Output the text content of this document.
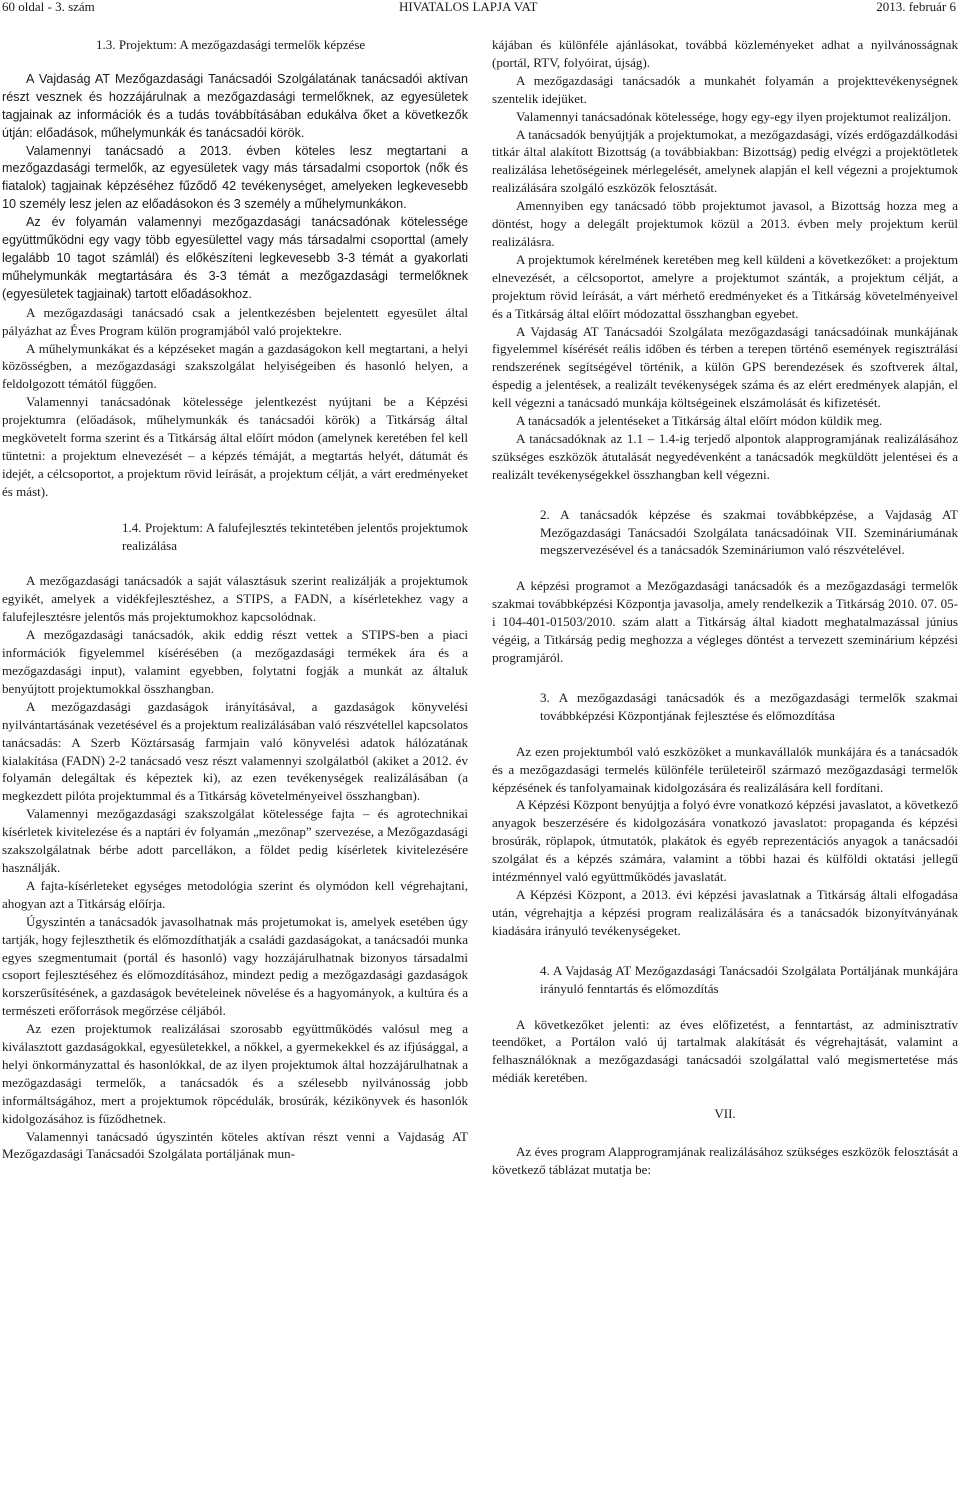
60 oldal - 3. szám	HIVATALOS LAPJA VAT	2013. február 6

1.3. Projektum: A mezőgazdasági termelők képzése

A Vajdaság AT Mezőgazdasági Tanácsadói Szolgálatának tanácsadói aktívan részt vesznek és hozzájárulnak a mezőgazdasági termelőknek, az egyesületek tagjainak az információk és a tudás továbbításában edukálva őket a következők útján: előadások, műhelymunkák és tanácsadói körök.

Valamennyi tanácsadó a 2013. évben köteles lesz megtartani a mezőgazdasági termelők, az egyesületek vagy más társadalmi csoportok (nők és fiatalok) tagjainak képzéséhez fűződő 42 tevékenységet, amelyeken legkevesebb 10 személy lesz jelen az előadásokon és 3 személy a műhelymunkákon.

Az év folyamán valamennyi mezőgazdasági tanácsadónak kötelessége együttműködni egy vagy több egyesülettel vagy más társadalmi csoporttal (amely legalább 10 tagot számlál) és előkészíteni legkevesebb 3-3 témát a gyakorlati műhelymunkák megtartására és 3-3 témát a mezőgazdasági termelőknek (egyesületek tagjainak) tartott előadásokhoz.

A mezőgazdasági tanácsadó csak a jelentkezésben bejelentett egyesület által pályázhat az Éves Program külön programjából való projektekre.

A műhelymunkákat és a képzéseket magán a gazdaságokon kell megtartani, a helyi közösségben, a mezőgazdasági szakszolgálat helyiségeiben és hasonló helyen, a feldolgozott témától függően.

Valamennyi tanácsadónak kötelessége jelentkezést nyújtani be a Képzési projektumra (előadások, műhelymunkák és tanácsadói körök) a Titkárság által megkövetelt forma szerint és a Titkárság által előírt módon (amelynek keretében fel kell tüntetni: a projektum elnevezését – a képzés témáját, a megtartás helyét, dátumát és idejét, a célcsoportot, a projektum rövid leírását, a projektum célját, a várt eredményeket és mást).

1.4. Projektum: A falufejlesztés tekintetében jelentős projektumok realizálása

A mezőgazdasági tanácsadók a saját választásuk szerint realizálják a projektumok egyikét, amelyek a vidékfejlesztéshez, a STIPS, a FADN, a kísérletekhez vagy a falufejlesztésre jelentős más projektumokhoz kapcsolódnak.

A mezőgazdasági tanácsadók, akik eddig részt vettek a STIPS-ben a piaci információk figyelemmel kísérésében (a mezőgazdasági termékek ára és a mezőgazdasági input), valamint egyebben, folytatni fogják a munkát az általuk benyújtott projektumokkal összhangban.

A mezőgazdasági gazdaságok irányításával, a gazdaságok könyvelési nyilvántartásának vezetésével és a projektum realizálásában való részvétellel kapcsolatos tanácsadás: A Szerb Köztársaság farmjain való könyvelési adatok hálózatának kialakítása (FADN) 2-2 tanácsadó vesz részt valamennyi szolgálatból (akiket a 2012. év folyamán delegáltak és képeztek ki), az ezen tevékenységek realizálásában (a megkezdett pilóta projektummal és a Titkárság követelményeivel összhangban).

Valamennyi mezőgazdasági szakszolgálat kötelessége fajta – és agrotechnikai kísérletek kivitelezése és a naptári év folyamán „mezőnap” szervezése, a Mezőgazdasági szakszolgálatnak bérbe adott parcellákon, a földet pedig kísérletek kivitelezésére használják.

A fajta-kísérleteket egységes metodológia szerint és olymódon kell végrehajtani, ahogyan azt a Titkárság előírja.

Úgyszintén a tanácsadók javasolhatnak más projetumokat is, amelyek esetében úgy tartják, hogy fejleszthetik és előmozdíthatják a családi gazdaságokat, a tanácsadói munka egyes szegmentumait (portál és hasonló) vagy hozzájárulhatnak bizonyos társadalmi csoport fejlesztéséhez és előmozdításához, mindezt pedig a mezőgazdasági gazdaságok korszerűsítésének, a gazdaságok bevételeinek növelése és a hagyományok, a kultúra és a természeti erőforrások megőrzése céljából.

Az ezen projektumok realizálásai szorosabb együttműködés valósul meg a kiválasztott gazdaságokkal, egyesületekkel, a nőkkel, a gyermekekkel és az ifjúsággal, a helyi önkormányzattal és hasonlókkal, de az ilyen projektumok által hozzájárulhatnak a mezőgazdasági termelők, a tanácsadók és a szélesebb nyilvánosság jobb informáltságához, mert a projektumok röpcédulák, brosúrák, kézikönyvek és hasonlók kidolgozásához is fűződhetnek.

Valamennyi tanácsadó úgyszintén köteles aktívan részt venni a Vajdaság AT Mezőgazdasági Tanácsadói Szolgálata portáljának mun-

kájában és különféle ajánlásokat, továbbá közleményeket adhat a nyilvánosságnak (portál, RTV, folyóirat, újság).

A mezőgazdasági tanácsadók a munkahét folyamán a projekttevékenységnek szentelik idejüket.

Valamennyi tanácsadónak kötelessége, hogy egy-egy ilyen projektumot realizáljon.

A tanácsadók benyújtják a projektumokat, a mezőgazdasági, vízés erdőgazdálkodási titkár által alakított Bizottság (a továbbiakban: Bizottság) pedig elvégzi a projektötletek realizálása lehetőségeinek mérlegelését, amelynek alapján el kell végezni a projektumok realizálására szolgáló eszközök felosztását.

Amennyiben egy tanácsadó több projektumot javasol, a Bizottság hozza meg a döntést, hogy a delegált projektumok közül a 2013. évben mely projektum kerül realizálásra.

A projektumok kérelmének keretében meg kell küldeni a következőket: a projektum elnevezését, a célcsoportot, amelyre a projektumot szánták, a projektum célját, a projektum rövid leírását, a várt mérhető eredményeket és a Titkárság követelményeivel és a Titkárság által előírt módozattal összhangban egyebet.

A Vajdaság AT Tanácsadói Szolgálata mezőgazdasági tanácsadóinak munkájának figyelemmel kísérését reális időben és térben a terepen történő események regisztrálási rendszerének segítségével történik, a külön GPS berendezések és szoftverek által, éspedig a jelentések, a realizált tevékenységek száma és az elért eredmények alapján, el kell végezni a tanácsadó munkája költségeinek elszámolását és kifizetését.

A tanácsadók a jelentéseket a Titkárság által előírt módon küldik meg.

A tanácsadóknak az 1.1 – 1.4-ig terjedő alpontok alapprogramjának realizálásához szükséges eszközök átutalását negyedévenként a tanácsadók megküldött jelentései és a realizált tevékenységekkel összhangban kell végezni.

2. A tanácsadók képzése és szakmai továbbképzése, a Vajdaság AT Mezőgazdasági Tanácsadói Szolgálata tanácsadóinak VII. Szemináriumának megszervezésével és a tanácsadók Szemináriumon való részvételével.

A képzési programot a Mezőgazdasági tanácsadók és a mezőgazdasági termelők szakmai továbbképzési Központja javasolja, amely rendelkezik a Titkárság 2010. 07. 05-i 104-401-01503/2010. szám alatt a Titkárság által kiadott meghatalmazással június végéig, a Titkárság pedig meghozza a végleges döntést a tervezett szeminárium képzési programjáról.

3. A mezőgazdasági tanácsadók és a mezőgazdasági termelők szakmai továbbképzési Központjának fejlesztése és előmozdítása

Az ezen projektumból való eszközöket a munkavállalók munkájára és a tanácsadók és a mezőgazdasági termelés különféle területeiről származó mezőgazdasági termelők képzésének és tanfolyamainak kidolgozására és realizálására kell fordítani.

A Képzési Központ benyújtja a folyó évre vonatkozó képzési javaslatot, a következő anyagok beszerzésére és kidolgozására vonatkozó javaslatot: propaganda és képzési brosúrák, röplapok, útmutatók, plakátok és egyéb reprezentációs anyagok a tanácsadói szolgálat és a képzés számára, valamint a többi hazai és külföldi oktatási jellegű intézménnyel való együttműködés javaslatát.

A Képzési Központ, a 2013. évi képzési javaslatnak a Titkárság általi elfogadása után, végrehajtja a képzési program realizálására és a tanácsadók bizonyítványának kiadására irányuló tevékenységeket.

4. A Vajdaság AT Mezőgazdasági Tanácsadói Szolgálata Portáljának munkájára irányuló fenntartás és előmozdítás

A következőket jelenti: az éves előfizetést, a fenntartást, az adminisztratív teendőket, a Portálon való új tartalmak alakítását és végrehajtását, valamint a felhasználóknak a mezőgazdasági tanácsadói szolgálattal való megismertetése más médiák keretében.

VII.

Az éves program Alapprogramjának realizálásához szükséges eszközök felosztását a következő táblázat mutatja be:
